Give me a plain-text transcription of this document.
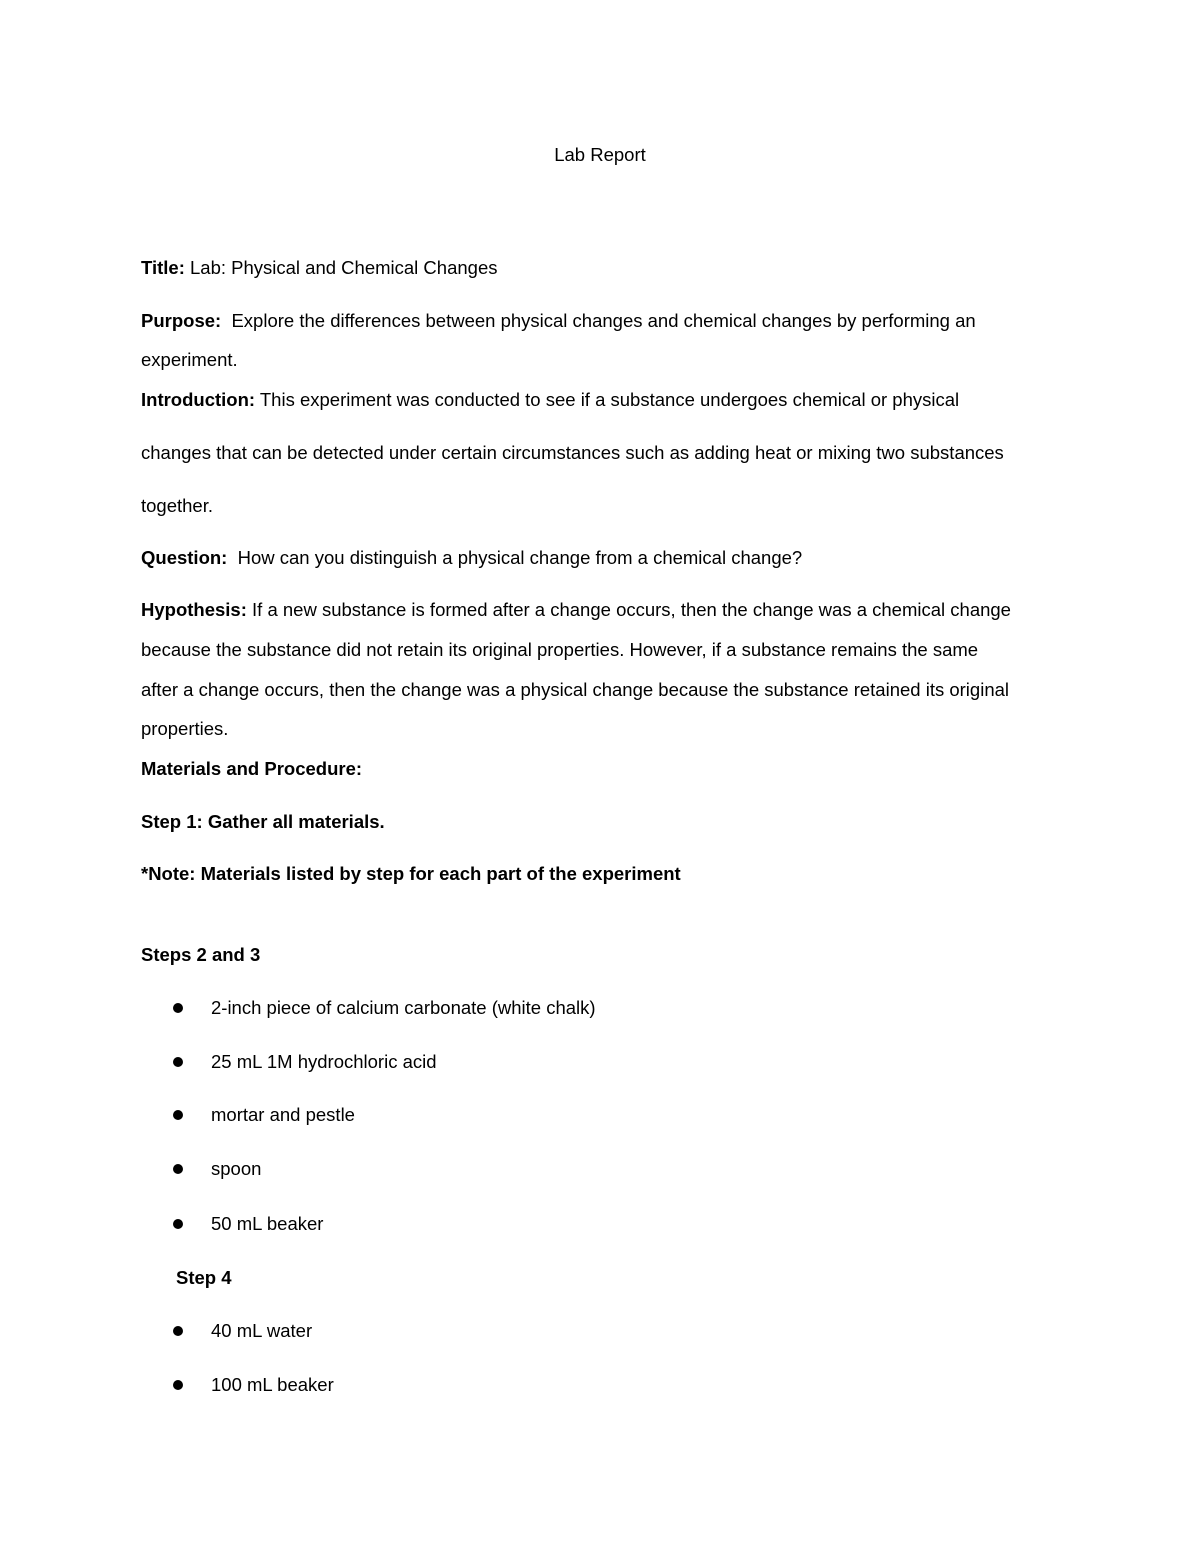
Lab Report
Title: Lab: Physical and Chemical Changes
Purpose:  Explore the differences between physical changes and chemical changes by performing an
experiment.
Introduction: This experiment was conducted to see if a substance undergoes chemical or physical
changes that can be detected under certain circumstances such as adding heat or mixing two substances
together.
Question:  How can you distinguish a physical change from a chemical change?
Hypothesis: If a new substance is formed after a change occurs, then the change was a chemical change
because the substance did not retain its original properties. However, if a substance remains the same
after a change occurs, then the change was a physical change because the substance retained its original
properties.
Materials and Procedure:
Step 1: Gather all materials.
*Note: Materials listed by step for each part of the experiment
Steps 2 and 3
2-inch piece of calcium carbonate (white chalk)
25 mL 1M hydrochloric acid
mortar and pestle
spoon
50 mL beaker
Step 4
40 mL water
100 mL beaker
